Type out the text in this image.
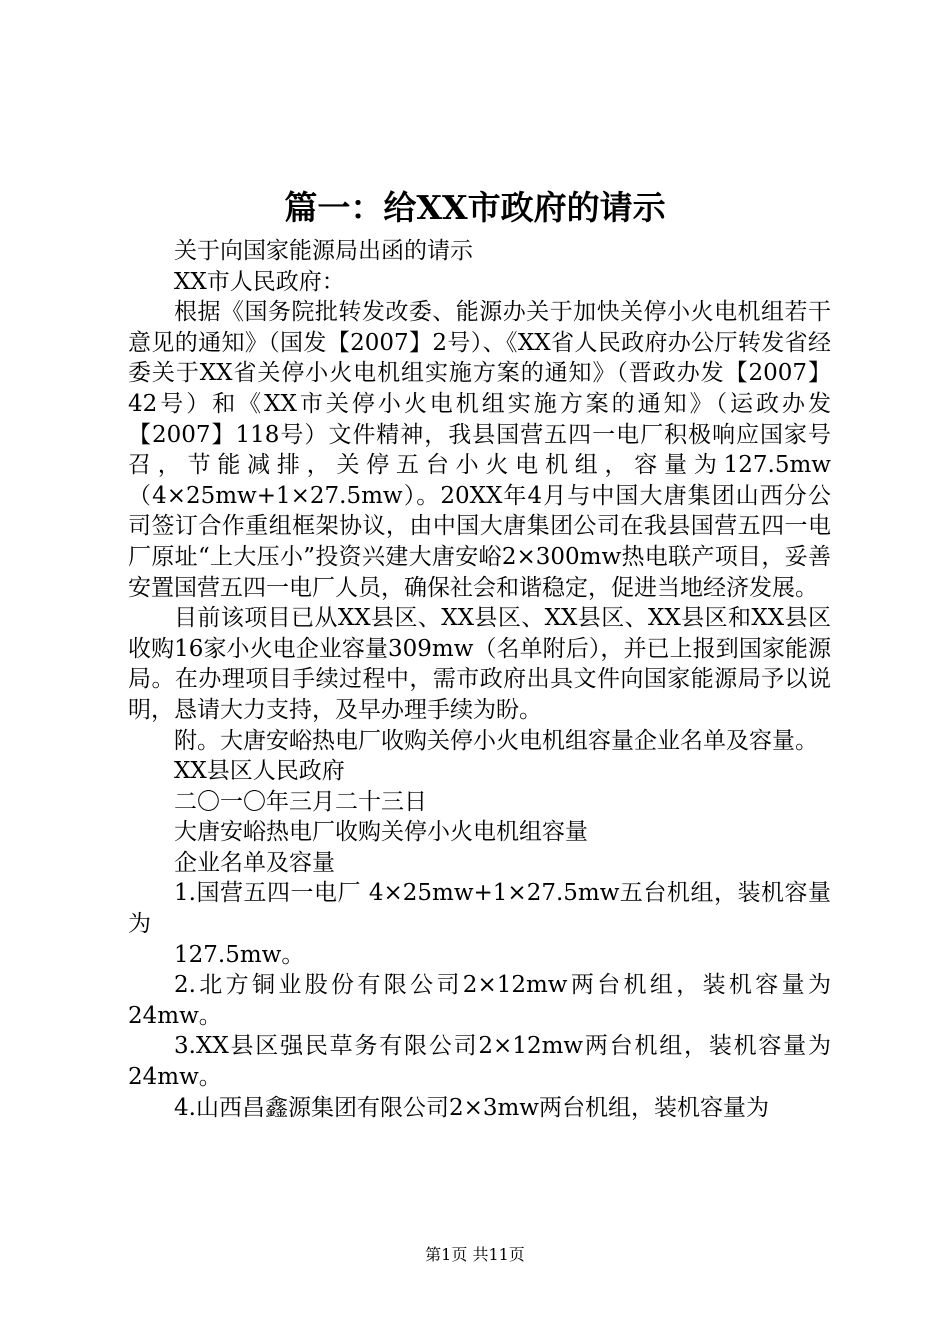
篇一：给XX市政府的请示

关于向国家能源局出函的请示

XX市人民政府：

根据《国务院批转发改委、能源办关于加快关停小火电机组若干意见的通知》（国发【2007】2号）、《XX省人民政府办公厅转发省经委关于XX省关停小火电机组实施方案的通知》（晋政办发【2007】42号）和《XX市关停小火电机组实施方案的通知》（运政办发【2007】118号）文件精神，我县国营五四一电厂积极响应国家号召，节能减排，关停五台小火电机组，容量为127.5mw（4×25mw+1×27.5mw）。20XX年4月与中国大唐集团山西分公司签订合作重组框架协议，由中国大唐集团公司在我县国营五四一电厂原址“上大压小”投资兴建大唐安峪2×300mw热电联产项目，妥善安置国营五四一电厂人员，确保社会和谐稳定，促进当地经济发展。

目前该项目已从XX县区、XX县区、XX县区、XX县区和XX县区收购16家小火电企业容量309mw（名单附后），并已上报到国家能源局。在办理项目手续过程中，需市政府出具文件向国家能源局予以说明，恳请大力支持，及早办理手续为盼。

附。大唐安峪热电厂收购关停小火电机组容量企业名单及容量。

XX县区人民政府

二〇一〇年三月二十三日

大唐安峪热电厂收购关停小火电机组容量

企业名单及容量

1.国营五四一电厂 4×25mw+1×27.5mw五台机组，装机容量为

127.5mw。

2.北方铜业股份有限公司2×12mw两台机组，装机容量为24mw。

3.XX县区强民草务有限公司2×12mw两台机组，装机容量为24mw。

4.山西昌鑫源集团有限公司2×3mw两台机组，装机容量为

第1页 共11页
